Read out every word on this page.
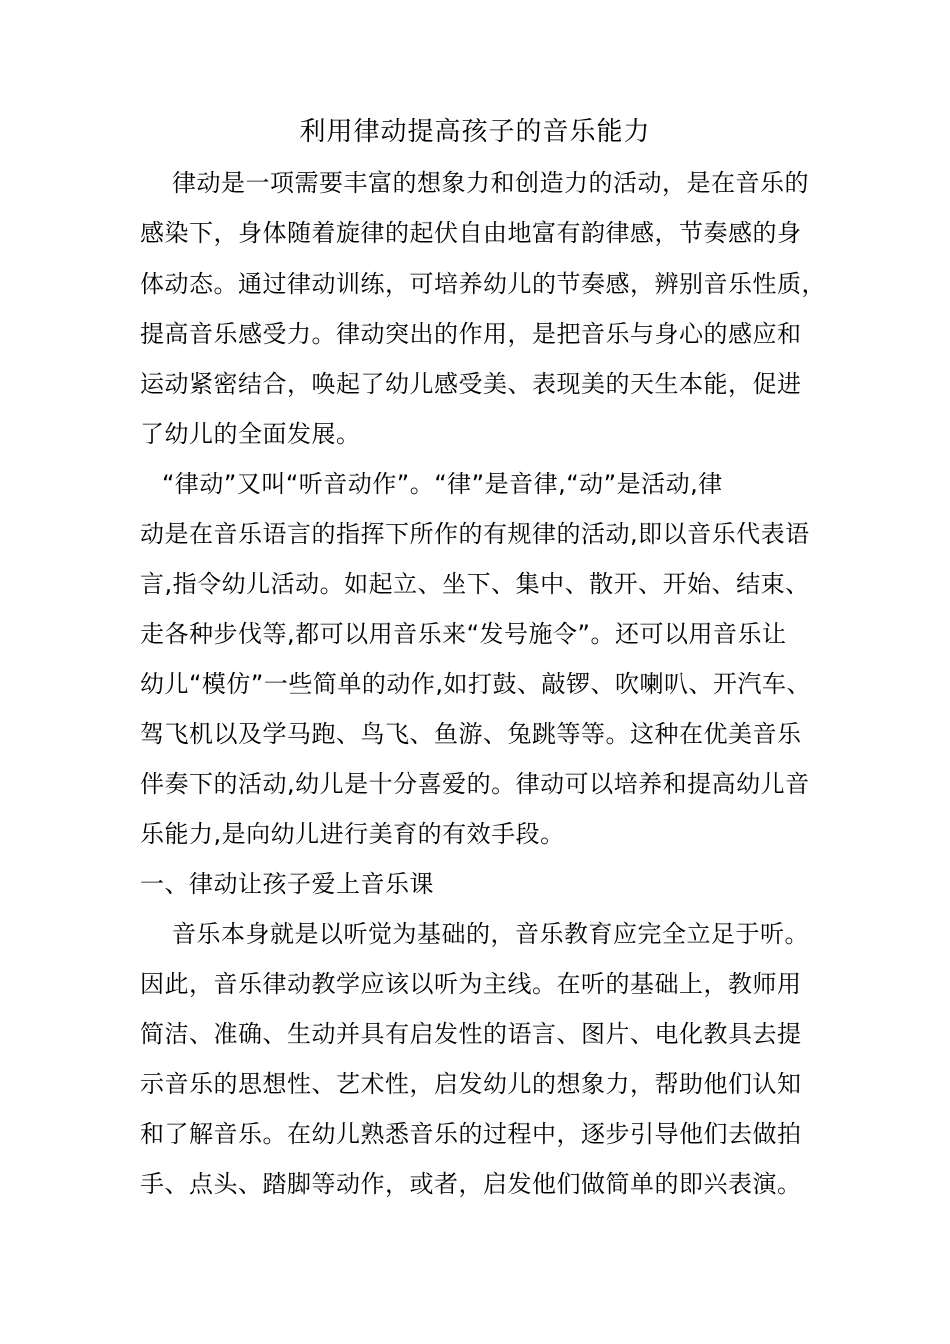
利用律动提高孩子的音乐能力
律动是一项需要丰富的想象力和创造力的活动，是在音乐的
感染下，身体随着旋律的起伏自由地富有韵律感，节奏感的身
体动态。通过律动训练，可培养幼儿的节奏感，辨别音乐性质，
提高音乐感受力。律动突出的作用，是把音乐与身心的感应和
运动紧密结合，唤起了幼儿感受美、表现美的天生本能，促进
了幼儿的全面发展。
“律动”又叫“听音动作”。“律”是音律,“动”是活动,律
动是在音乐语言的指挥下所作的有规律的活动,即以音乐代表语
言,指令幼儿活动。如起立、坐下、集中、散开、开始、结束、
走各种步伐等,都可以用音乐来“发号施令”。还可以用音乐让
幼儿“模仿”一些简单的动作,如打鼓、敲锣、吹喇叭、开汽车、
驾飞机以及学马跑、鸟飞、鱼游、兔跳等等。这种在优美音乐
伴奏下的活动,幼儿是十分喜爱的。律动可以培养和提高幼儿音
乐能力,是向幼儿进行美育的有效手段。
一、律动让孩子爱上音乐课
音乐本身就是以听觉为基础的，音乐教育应完全立足于听。
因此，音乐律动教学应该以听为主线。在听的基础上，教师用
简洁、准确、生动并具有启发性的语言、图片、电化教具去提
示音乐的思想性、艺术性，启发幼儿的想象力，帮助他们认知
和了解音乐。在幼儿熟悉音乐的过程中，逐步引导他们去做拍
手、点头、踏脚等动作，或者，启发他们做简单的即兴表演。
